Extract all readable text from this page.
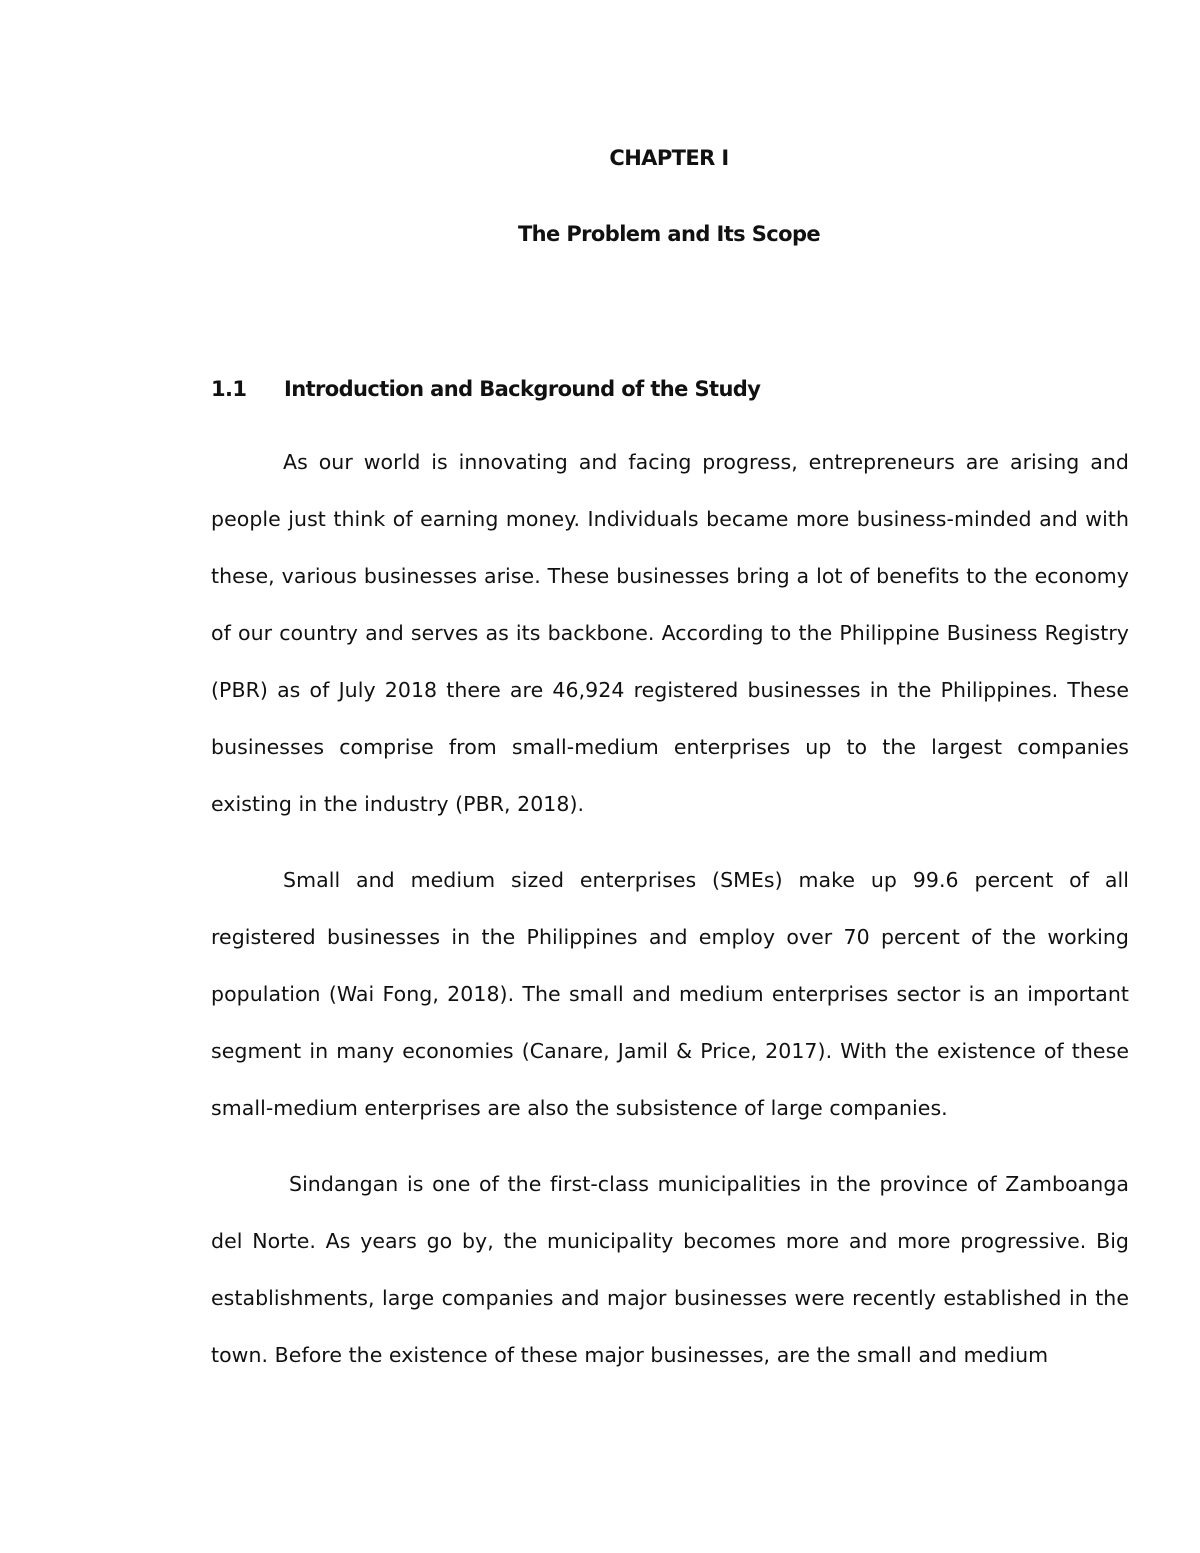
CHAPTER I
The Problem and Its Scope
1.1 Introduction and Background of the Study

As our world is innovating and facing progress, entrepreneurs are arising and people just think of earning money. Individuals became more business-minded and with these, various businesses arise. These businesses bring a lot of benefits to the economy of our country and serves as its backbone. According to the Philippine Business Registry (PBR) as of July 2018 there are 46,924 registered businesses in the Philippines. These businesses comprise from small-medium enterprises up to the largest companies existing in the industry (PBR, 2018).

Small and medium sized enterprises (SMEs) make up 99.6 percent of all registered businesses in the Philippines and employ over 70 percent of the working population (Wai Fong, 2018). The small and medium enterprises sector is an important segment in many economies (Canare, Jamil & Price, 2017). With the existence of these small-medium enterprises are also the subsistence of large companies.

Sindangan is one of the first-class municipalities in the province of Zamboanga del Norte. As years go by, the municipality becomes more and more progressive. Big establishments, large companies and major businesses were recently established in the town. Before the existence of these major businesses, are the small and medium
